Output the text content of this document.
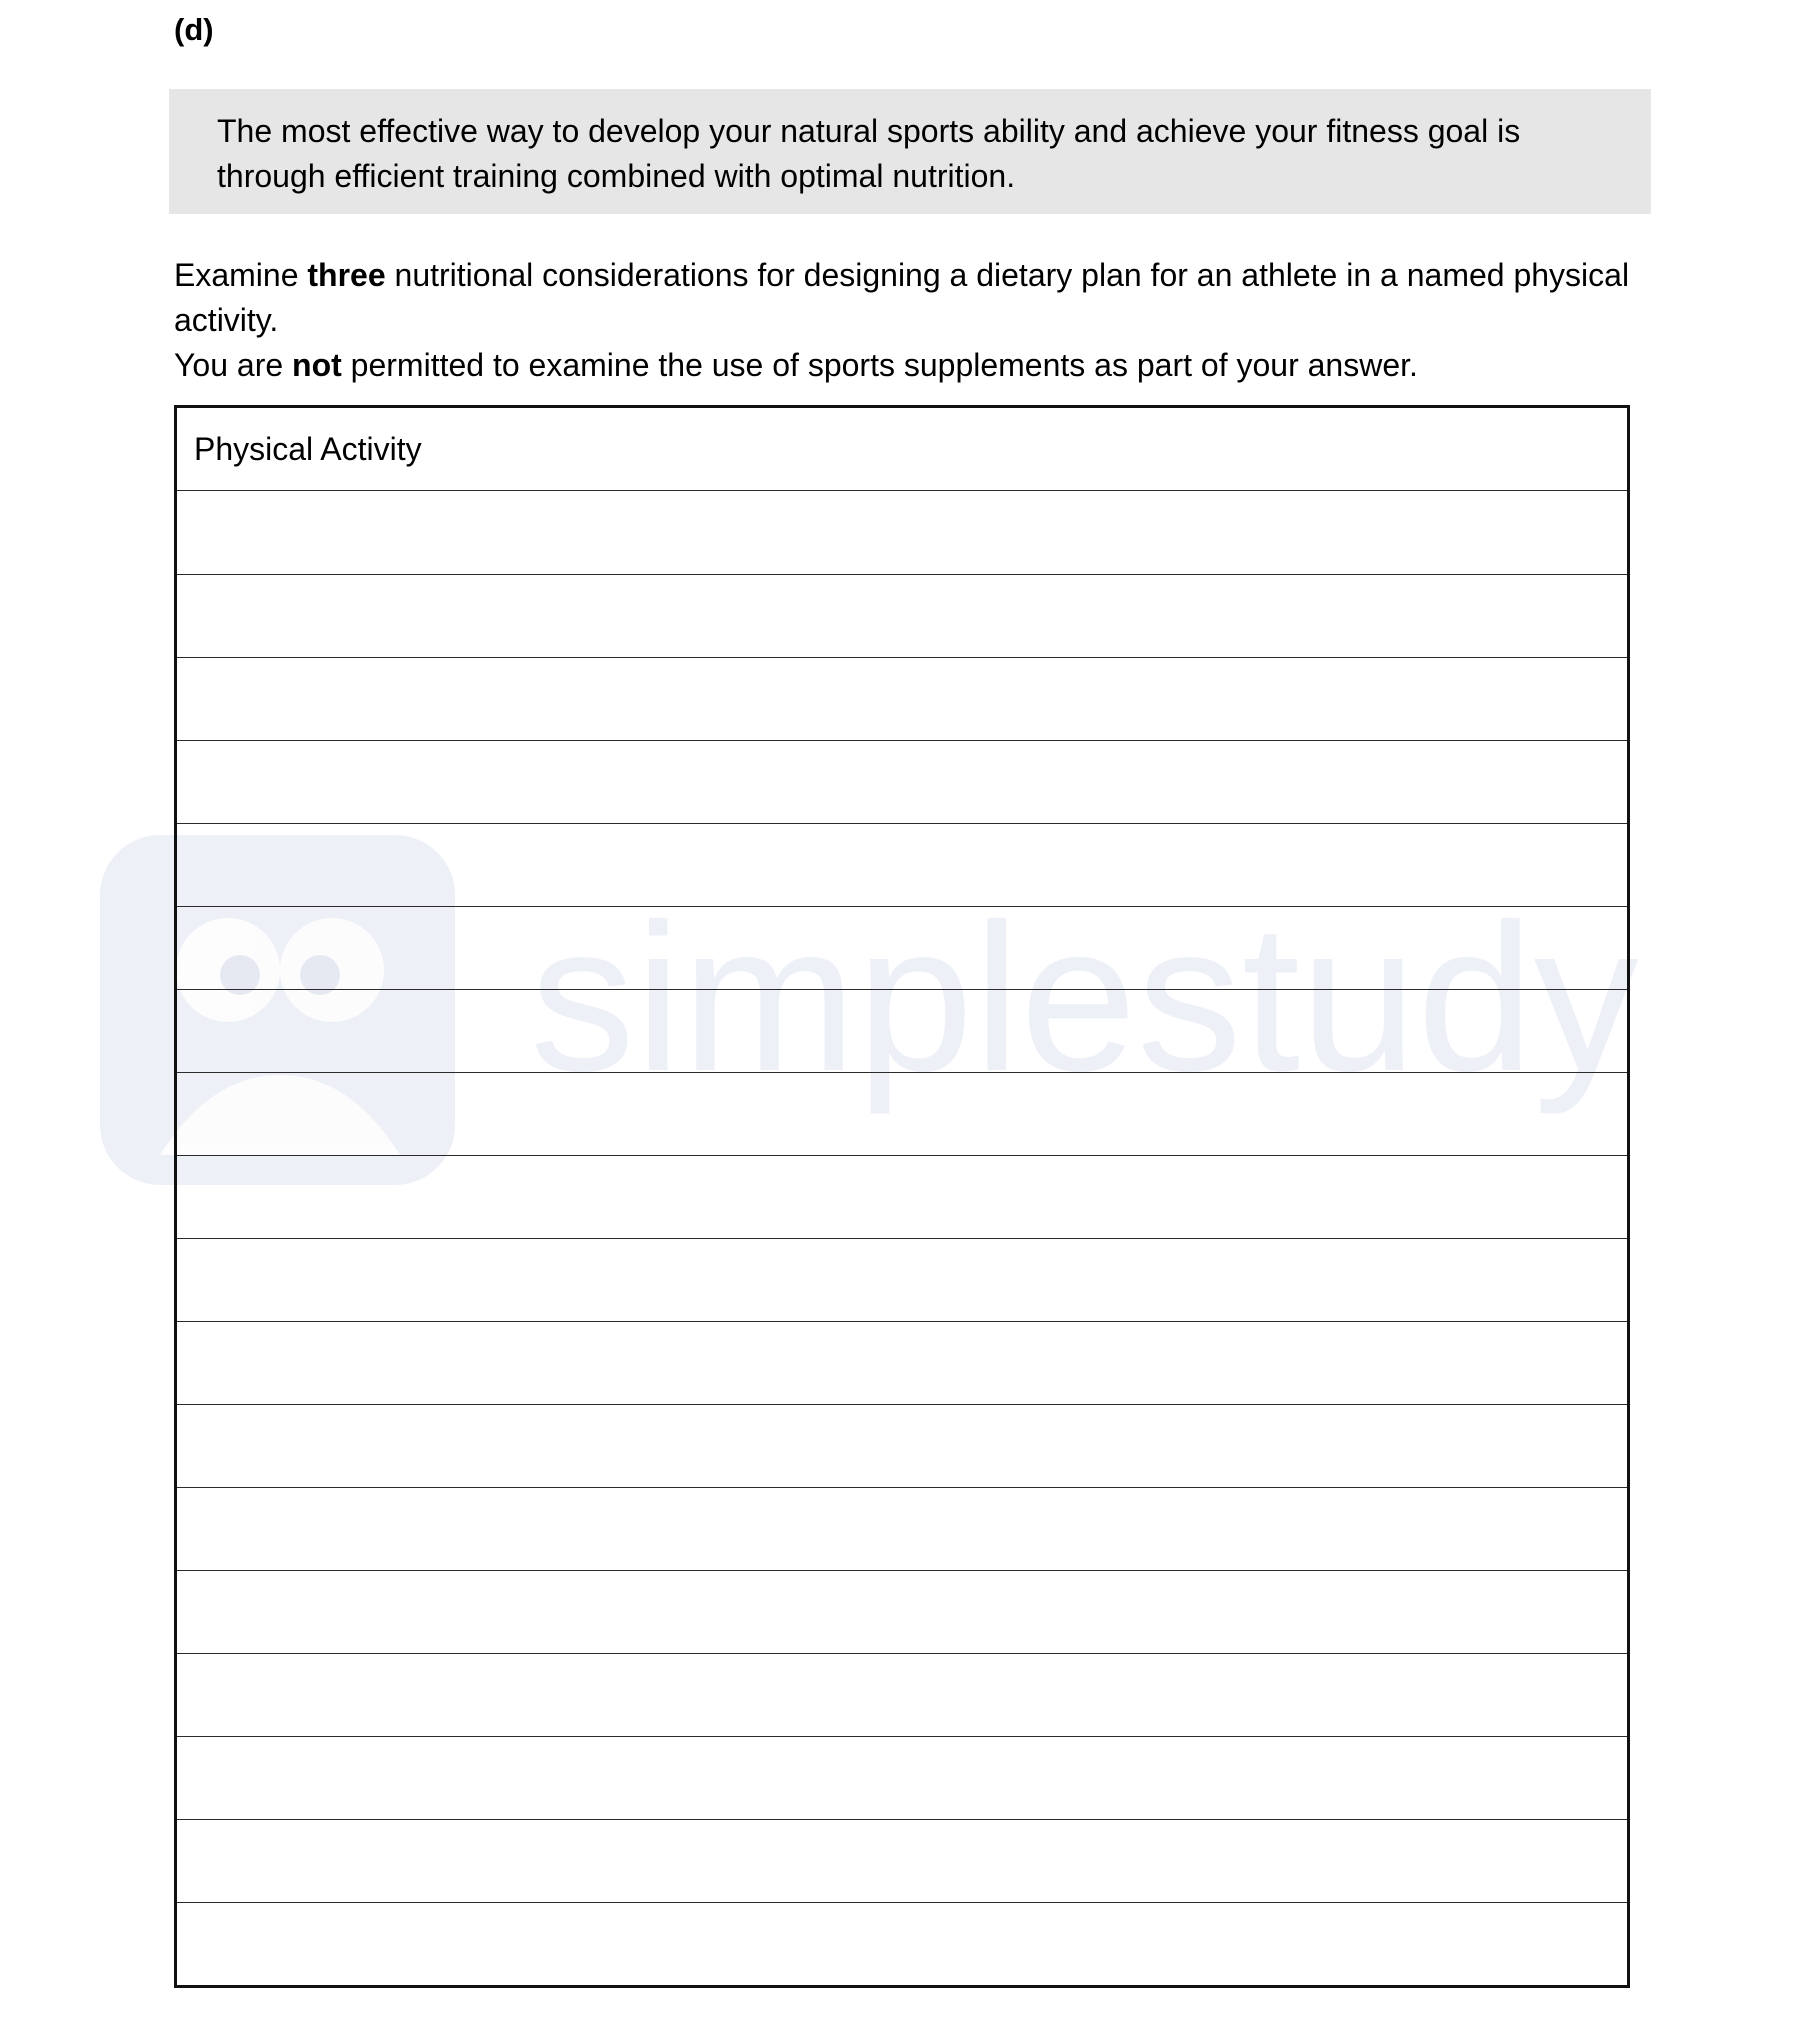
(d)
The most effective way to develop your natural sports ability and achieve your fitness goal is through efficient training combined with optimal nutrition.

Examine three nutritional considerations for designing a dietary plan for an athlete in a named physical activity.

You are not permitted to examine the use of sports supplements as part of your answer.

simplestudy
Physical Activity
